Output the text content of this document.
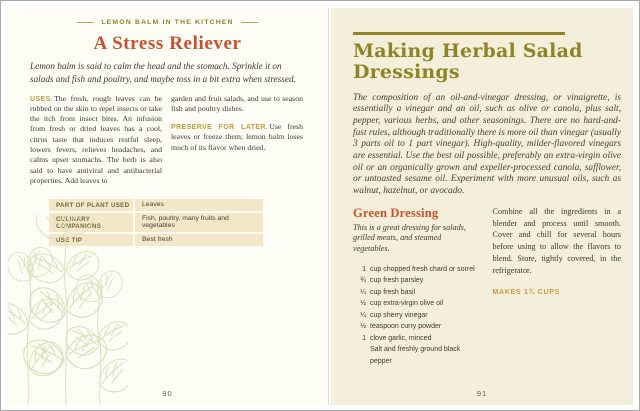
LEMON BALM IN THE KITCHEN
A Stress Reliever

Lemon balm is said to calm the head and the stomach. Sprinkle it on salads and fish and poultry, and maybe toss in a bit extra when stressed.

USES.The fresh, rough leaves can be rubbed on the skin to repel insects or take the itch from insect bites. An infusion from fresh or dried leaves has a cool, citrus taste that induces restful sleep, lowers fevers, relieves headaches, and calms upset stomachs. The herb is also said to have antiviral and antibacterial properties. Add leaves to

garden and fruit salads, and use to season fish and poultry dishes.

PRESERVE FOR LATER.Use fresh leaves or freeze them; lemon balm loses much of its flavor when dried.

PART OF PLANT USED	Leaves
CULINARY COMPANIONS
Fish, poultry, many fruits and vegetables
USE TIP	Best fresh
90
Making Herbal Salad Dressings

The composition of an oil-and-vinegar dressing, or vinaigrette, is essentially a vinegar and an oil, such as olive or canola, plus salt, pepper, various herbs, and other seasonings. There are no hard-and-fast rules, although traditionally there is more oil than vinegar (usually 3 parts oil to 1 part vinegar). High-quality, milder-flavored vinegars are essential. Use the best oil possible, preferably an extra-virgin olive oil or an organically grown and expeller-processed canola, safflower, or untoasted sesame oil. Experiment with more unusual oils, such as walnut, hazelnut, or avocado.

Green Dressing

This is a great dressing for salads, grilled meats, and steamed vegetables.

1 cup chopped fresh chard or sorrel
¾ cup fresh parsley
¼ cup fresh basil
½ cup extra-virgin olive oil
¼ cup sherry vinegar
½ teaspoon curry powder
1 clove garlic, minced
Salt and freshly ground black pepper

Combine all the ingredients in a blender and process until smooth. Cover and chill for several hours before using to allow the flavors to blend. Store, tightly covered, in the refrigerator.

MAKES 1¾ CUPS
91
